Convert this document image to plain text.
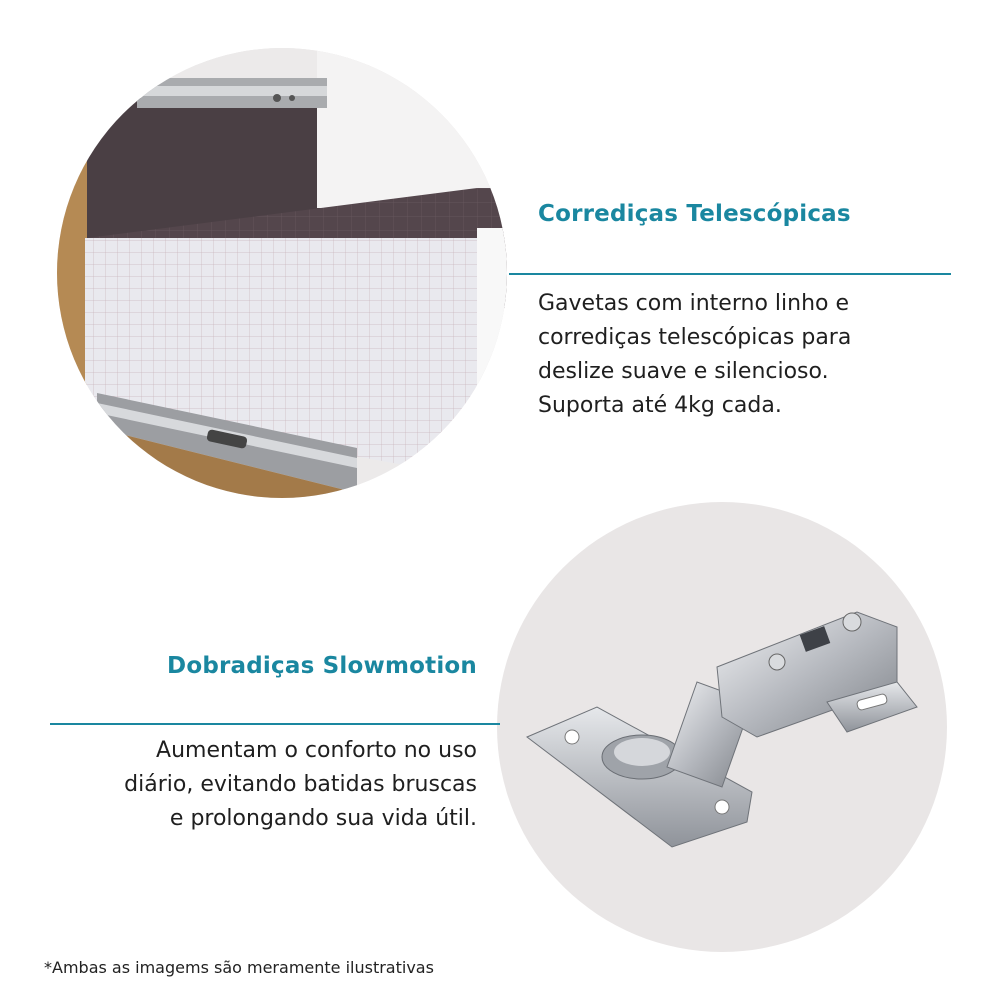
Corrediças Telescópicas
Gavetas com interno linho e
corrediças telescópicas para
deslize suave e silencioso.
Suporta até 4kg cada.
Dobradiças Slowmotion
Aumentam o conforto no uso
diário, evitando batidas bruscas
e prolongando sua vida útil.
*Ambas as imagems são meramente ilustrativas
